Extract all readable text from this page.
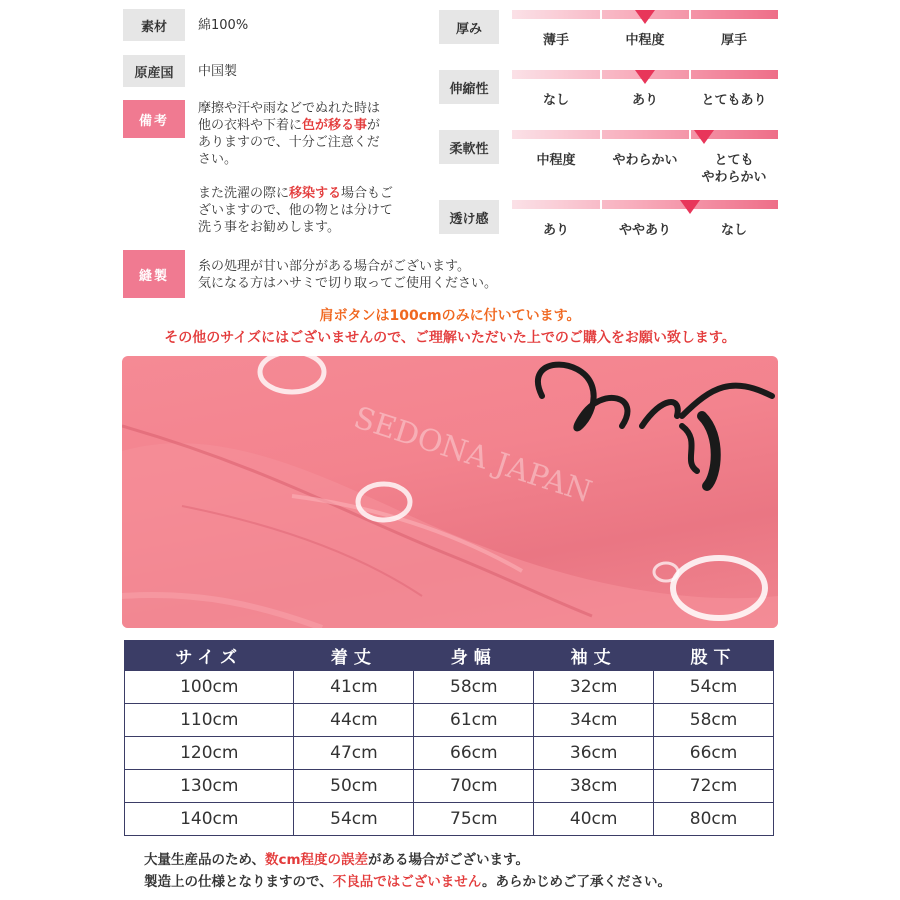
素材	綿100%
原産国	中国製
備考
摩擦や汗や雨などでぬれた時は
他の衣料や下着に色が移る事が
ありますので、十分ご注意くだ
さい。
また洗濯の際に移染する場合もご
ざいますので、他の物とは分けて
洗う事をお勧めします。
縫製
糸の処理が甘い部分がある場合がございます。
気になる方はハサミで切り取ってご使用ください。
厚み
薄手	中程度	厚手
伸縮性
なし	あり	とてもあり
柔軟性
中程度	やわらかい	とても
やわらかい
透け感
あり	ややあり	なし
肩ボタンは100cmのみに付いています。
その他のサイズにはございませんので、ご理解いただいた上でのご購入をお願い致します。
SEDONA JAPAN
サイズ	着丈	身幅	袖丈	股下
100cm	41cm	58cm	32cm	54cm
110cm	44cm	61cm	34cm	58cm
120cm	47cm	66cm	36cm	66cm
130cm	50cm	70cm	38cm	72cm
140cm	54cm	75cm	40cm	80cm
大量生産品のため、数cm程度の誤差がある場合がございます。
製造上の仕様となりますので、不良品ではございません。あらかじめご了承ください。
